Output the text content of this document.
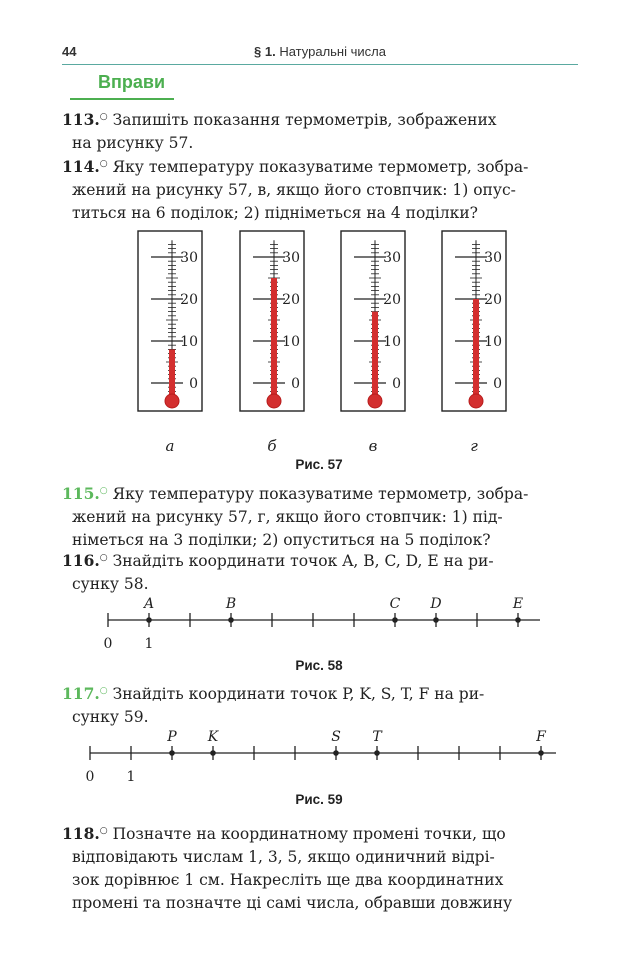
44	§ 1. Натуральні числа
Вправи
113.○ Запишіть показання термометрів, зображених
на рисунку 57.
114.○ Яку температуру показуватиме термометр, зобра-
жений на рисунку 57, в, якщо його стовпчик: 1) опус-
титься на 6 поділок; 2) підніметься на 4 поділки?
0
10
20
30
а
0
10
20
30
б
0
10
20
30
в
0
10
20
30
г
Рис. 57
115.○ Яку температуру показуватиме термометр, зобра-
жений на рисунку 57, г, якщо його стовпчик: 1) під-
німеться на 3 поділки; 2) опуститься на 5 поділок?
116.○ Знайдіть координати точок A, B, C, D, E на ри-
сунку 58.
0 1
A	B	C D	E
Рис. 58
117.○ Знайдіть координати точок P, K, S, T, F на ри-
сунку 59.
0 1
P K	S T	F
Рис. 59
118.○ Позначте на координатному промені точки, що
відповідають числам 1, 3, 5, якщо одиничний відрі-
зок дорівнює 1 см. Накресліть ще два координатних
промені та позначте ці самі числа, обравши довжину
